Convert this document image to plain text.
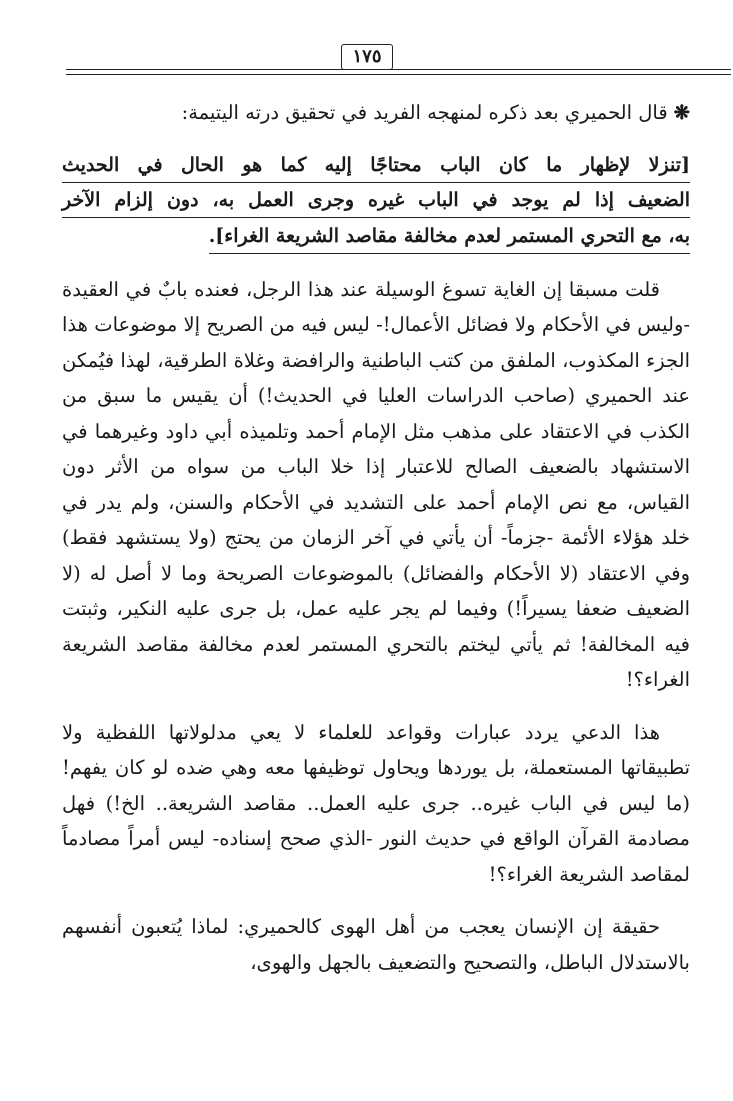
١٧٥

❋قال الحميري بعد ذكره لمنهجه الفريد في تحقيق درته اليتيمة:

[تنزلا لإظهار ما كان الباب محتاجًا إليه كما هو الحال في الحديث
الضعيف إذا لم يوجد في الباب غيره وجرى العمل به، دون إلزام الآخر
به، مع التحري المستمر لعدم مخالفة مقاصد الشريعة الغراء].

قلت مسبقا إن الغاية تسوغ الوسيلة عند هذا الرجل، فعنده بابٌ في العقيدة -وليس في الأحكام ولا فضائل الأعمال!- ليس فيه من الصريح إلا موضوعات هذا الجزء المكذوب، الملفق من كتب الباطنية والرافضة وغلاة الطرقية، لهذا فيُمكن عند الحميري (صاحب الدراسات العليا في الحديث!) أن يقيس ما سبق من الكذب في الاعتقاد على مذهب مثل الإمام أحمد وتلميذه أبي داود وغيرهما في الاستشهاد بالضعيف الصالح للاعتبار إذا خلا الباب من سواه من الأثر دون القياس، مع نص الإمام أحمد على التشديد في الأحكام والسنن، ولم يدر في خلد هؤلاء الأئمة -جزماً- أن يأتي في آخر الزمان من يحتج (ولا يستشهد فقط) وفي الاعتقاد (لا الأحكام والفضائل) بالموضوعات الصريحة وما لا أصل له (لا الضعيف ضعفا يسيراً!) وفيما لم يجر عليه عمل، بل جرى عليه النكير، وثبتت فيه المخالفة! ثم يأتي ليختم بالتحري المستمر لعدم مخالفة مقاصد الشريعة الغراء؟!

هذا الدعي يردد عبارات وقواعد للعلماء لا يعي مدلولاتها اللفظية ولا تطبيقاتها المستعملة، بل يوردها ويحاول توظيفها معه وهي ضده لو كان يفهم! (ما ليس في الباب غيره.. جرى عليه العمل.. مقاصد الشريعة.. الخ!) فهل مصادمة القرآن الواقع في حديث النور -الذي صحح إسناده- ليس أمراً مصادماً لمقاصد الشريعة الغراء؟!

حقيقة إن الإنسان يعجب من أهل الهوى كالحميري: لماذا يُتعبون أنفسهم بالاستدلال الباطل، والتصحيح والتضعيف بالجهل والهوى،
